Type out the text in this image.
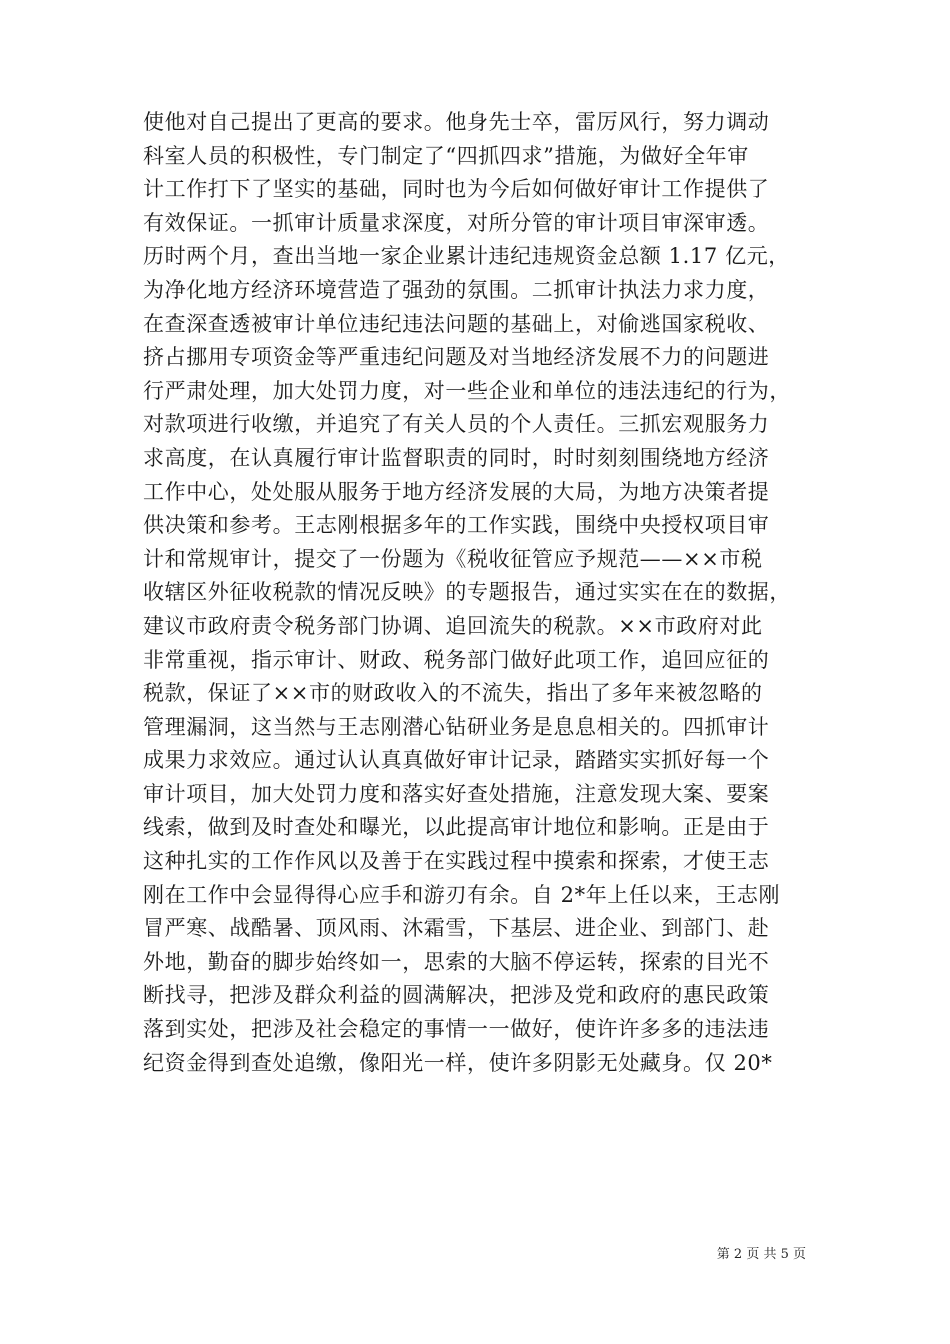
使他对自己提出了更高的要求。他身先士卒，雷厉风行，努力调动
科室人员的积极性，专门制定了“四抓四求”措施，为做好全年审
计工作打下了坚实的基础，同时也为今后如何做好审计工作提供了
有效保证。一抓审计质量求深度，对所分管的审计项目审深审透。
历时两个月，查出当地一家企业累计违纪违规资金总额 1.17 亿元，
为净化地方经济环境营造了强劲的氛围。二抓审计执法力求力度，
在查深查透被审计单位违纪违法问题的基础上，对偷逃国家税收、
挤占挪用专项资金等严重违纪问题及对当地经济发展不力的问题进
行严肃处理，加大处罚力度，对一些企业和单位的违法违纪的行为，
对款项进行收缴，并追究了有关人员的个人责任。三抓宏观服务力
求高度，在认真履行审计监督职责的同时，时时刻刻围绕地方经济
工作中心，处处服从服务于地方经济发展的大局，为地方决策者提
供决策和参考。王志刚根据多年的工作实践，围绕中央授权项目审
计和常规审计，提交了一份题为《税收征管应予规范——××市税
收辖区外征收税款的情况反映》的专题报告，通过实实在在的数据，
建议市政府责令税务部门协调、追回流失的税款。××市政府对此
非常重视，指示审计、财政、税务部门做好此项工作，追回应征的
税款，保证了××市的财政收入的不流失，指出了多年来被忽略的
管理漏洞，这当然与王志刚潜心钻研业务是息息相关的。四抓审计
成果力求效应。通过认认真真做好审计记录，踏踏实实抓好每一个
审计项目，加大处罚力度和落实好查处措施，注意发现大案、要案
线索，做到及时查处和曝光，以此提高审计地位和影响。正是由于
这种扎实的工作作风以及善于在实践过程中摸索和探索，才使王志
刚在工作中会显得得心应手和游刃有余。自 2*年上任以来，王志刚
冒严寒、战酷暑、顶风雨、沐霜雪，下基层、进企业、到部门、赴
外地，勤奋的脚步始终如一，思索的大脑不停运转，探索的目光不
断找寻，把涉及群众利益的圆满解决，把涉及党和政府的惠民政策
落到实处，把涉及社会稳定的事情一一做好，使许许多多的违法违
纪资金得到查处追缴，像阳光一样，使许多阴影无处藏身。仅 20*
第 2 页 共 5 页
